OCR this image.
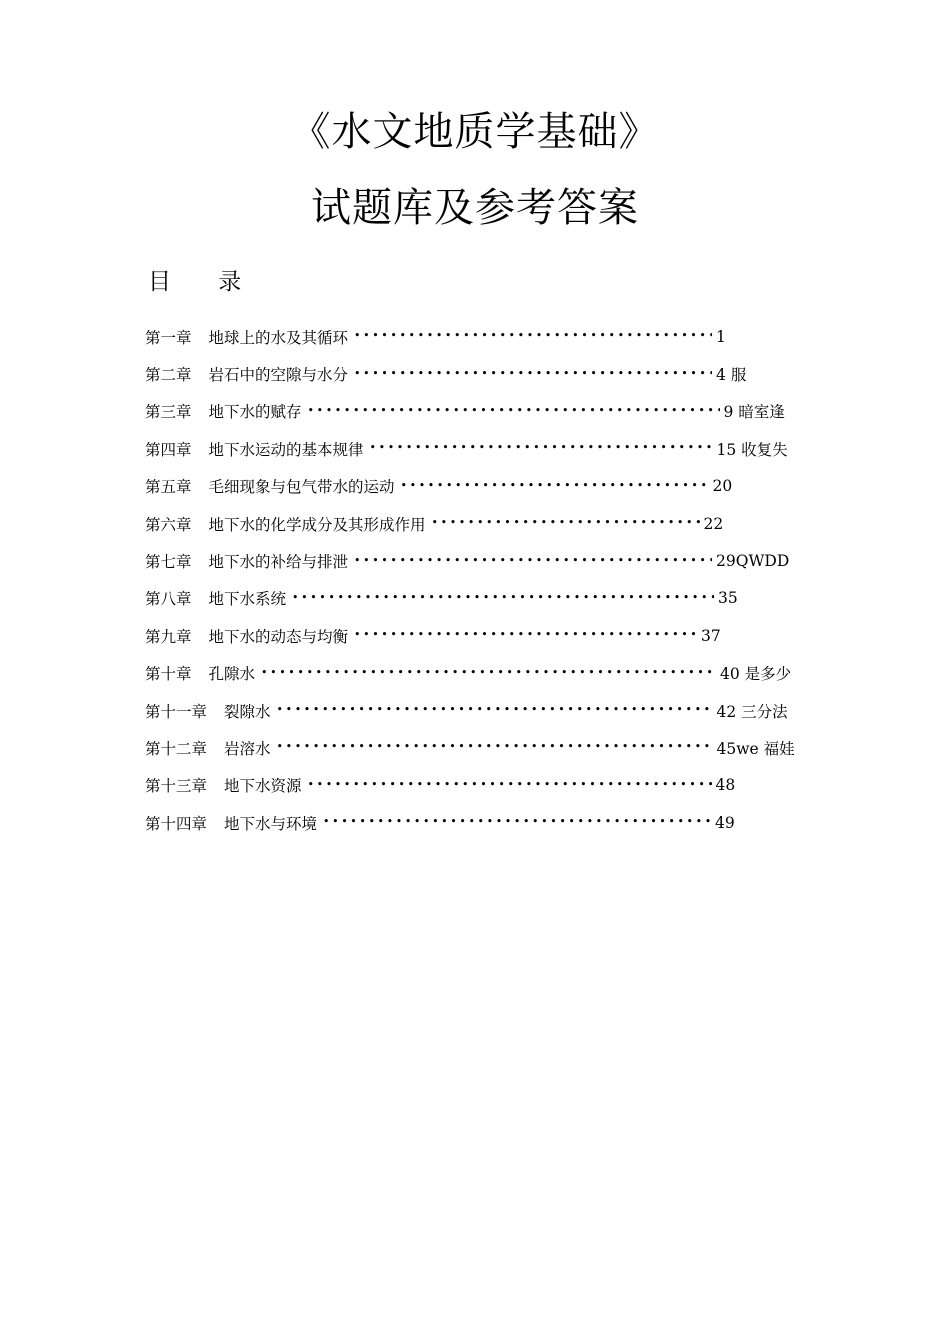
《水文地质学基础》
试题库及参考答案
目 录
第一章 地球上的水及其循环 •••••	1
第二章 岩石中的空隙与水分 •••••	4 服
第三章 地下水的赋存 •••••	9 暗室逢
第四章 地下水运动的基本规律 •••••	15 收复失
第五章 毛细现象与包气带水的运动 •••••	20
第六章 地下水的化学成分及其形成作用 •••••	22
第七章 地下水的补给与排泄 •••••	29QWDD
第八章 地下水系统 •••••	35
第九章 地下水的动态与均衡 •••••	37
第十章 孔隙水 •••••	40 是多少
第十一章 裂隙水 •••••	42 三分法
第十二章 岩溶水 •••••	45we 福娃
第十三章 地下水资源 •••••	48
第十四章 地下水与环境 •••••	49
